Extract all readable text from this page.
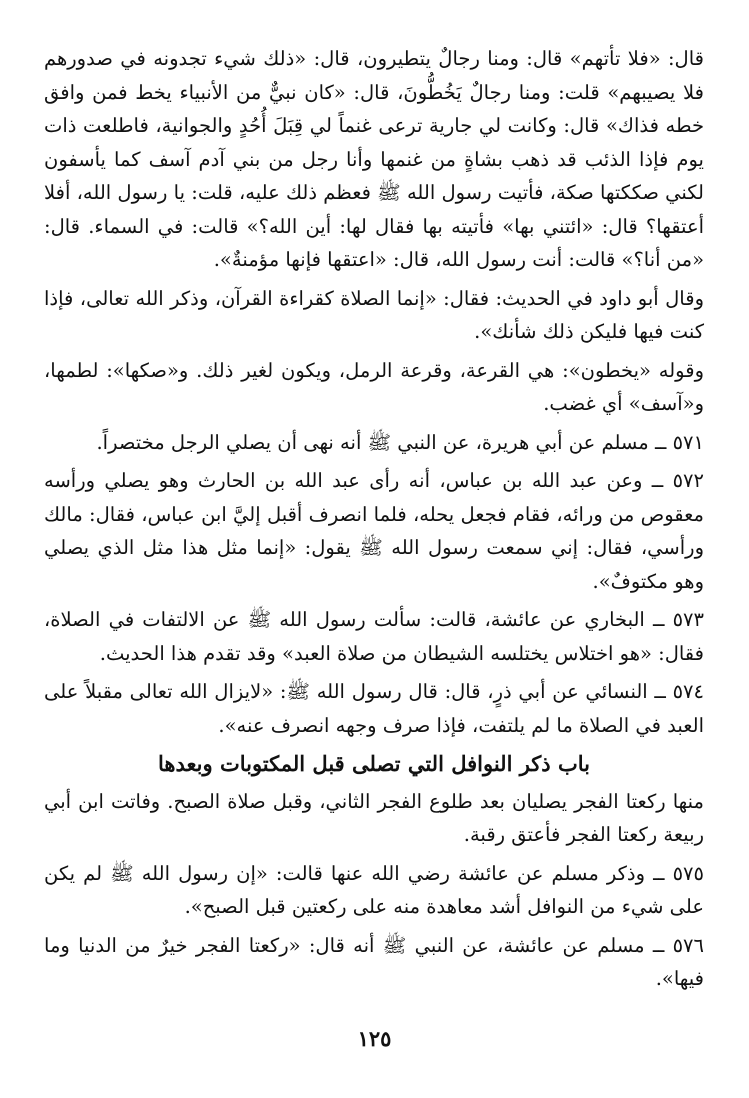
قال: «فلا تأتهم» قال: ومنا رجالٌ يتطيرون، قال: «ذلك شيء تجدونه في صدورهم فلا يصيبهم» قلت: ومنا رجالٌ يَخُطُّونَ، قال: «كان نبيٌّ من الأنبياء يخط فمن وافق خطه فذاك» قال: وكانت لي جارية ترعى غنماً لي قِبَلَ أُحُدٍ والجوانية، فاطلعت ذات يوم فإذا الذئب قد ذهب بشاةٍ من غنمها وأنا رجل من بني آدم آسف كما يأسفون لكني صككتها صكة، فأتيت رسول الله ﷺ فعظم ذلك عليه، قلت: يا رسول الله، أفلا أعتقها؟ قال: «ائتني بها» فأتيته بها فقال لها: أين الله؟» قالت: في السماء. قال: «من أنا؟» قالت: أنت رسول الله، قال: «اعتقها فإنها مؤمنةٌ».

وقال أبو داود في الحديث: فقال: «إنما الصلاة كقراءة القرآن، وذكر الله تعالى، فإذا كنت فيها فليكن ذلك شأنك».

وقوله «يخطون»: هي القرعة، وقرعة الرمل، ويكون لغير ذلك. و«صكها»: لطمها، و«آسف» أي غضب.

٥٧١ ــ مسلم عن أبي هريرة، عن النبي ﷺ أنه نهى أن يصلي الرجل مختصراً.

٥٧٢ ــ وعن عبد الله بن عباس، أنه رأى عبد الله بن الحارث وهو يصلي ورأسه معقوص من ورائه، فقام فجعل يحله، فلما انصرف أقبل إليَّ ابن عباس، فقال: مالك ورأسي، فقال: إني سمعت رسول الله ﷺ يقول: «إنما مثل هذا مثل الذي يصلي وهو مكتوفٌ».

٥٧٣ ــ البخاري عن عائشة، قالت: سألت رسول الله ﷺ عن الالتفات في الصلاة، فقال: «هو اختلاس يختلسه الشيطان من صلاة العبد» وقد تقدم هذا الحديث.

٥٧٤ ــ النسائي عن أبي ذرٍ، قال: قال رسول الله ﷺ: «لايزال الله تعالى مقبلاً على العبد في الصلاة ما لم يلتفت، فإذا صرف وجهه انصرف عنه».

باب ذكر النوافل التي تصلى قبل المكتوبات وبعدها

منها ركعتا الفجر يصليان بعد طلوع الفجر الثاني، وقبل صلاة الصبح. وفاتت ابن أبي ربيعة ركعتا الفجر فأعتق رقبة.

٥٧٥ ــ وذكر مسلم عن عائشة رضي الله عنها قالت: «إن رسول الله ﷺ لم يكن على شيء من النوافل أشد معاهدة منه على ركعتين قبل الصبح».

٥٧٦ ــ مسلم عن عائشة، عن النبي ﷺ أنه قال: «ركعتا الفجر خيرٌ من الدنيا وما فيها».

١٢٥
